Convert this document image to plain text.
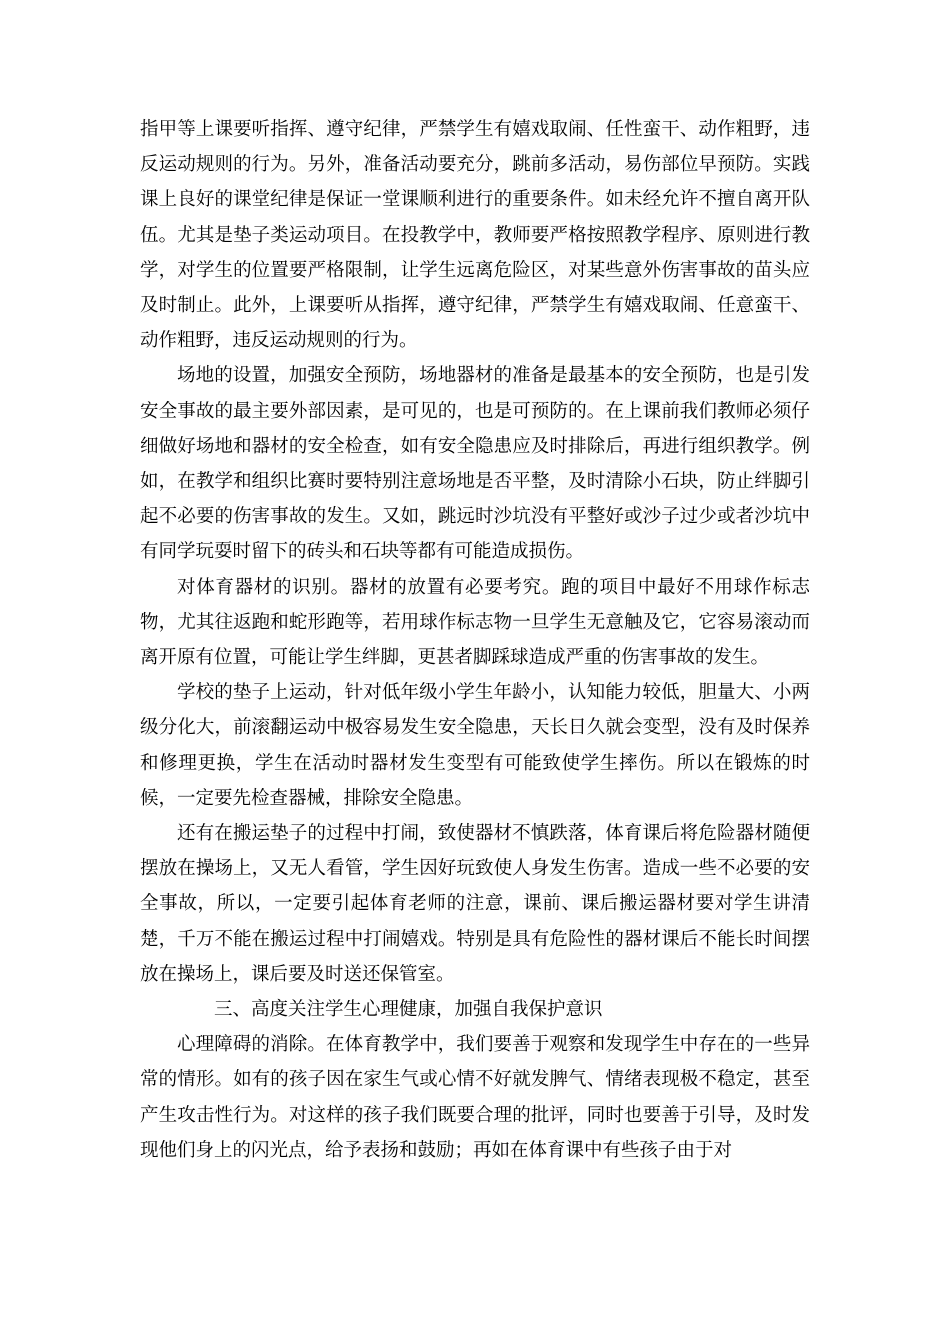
指甲等上课要听指挥、遵守纪律，严禁学生有嬉戏取闹、任性蛮干、动作粗野，违反运动规则的行为。另外，准备活动要充分，跳前多活动，易伤部位早预防。实践课上良好的课堂纪律是保证一堂课顺利进行的重要条件。如未经允许不擅自离开队伍。尤其是垫子类运动项目。在投教学中，教师要严格按照教学程序、原则进行教学，对学生的位置要严格限制，让学生远离危险区，对某些意外伤害事故的苗头应及时制止。此外，上课要听从指挥，遵守纪律，严禁学生有嬉戏取闹、任意蛮干、动作粗野，违反运动规则的行为。

场地的设置，加强安全预防，场地器材的准备是最基本的安全预防，也是引发安全事故的最主要外部因素，是可见的，也是可预防的。在上课前我们教师必须仔细做好场地和器材的安全检查，如有安全隐患应及时排除后，再进行组织教学。例如，在教学和组织比赛时要特别注意场地是否平整，及时清除小石块，防止绊脚引起不必要的伤害事故的发生。又如，跳远时沙坑没有平整好或沙子过少或者沙坑中有同学玩耍时留下的砖头和石块等都有可能造成损伤。

对体育器材的识别。器材的放置有必要考究。跑的项目中最好不用球作标志物，尤其往返跑和蛇形跑等，若用球作标志物一旦学生无意触及它，它容易滚动而离开原有位置，可能让学生绊脚，更甚者脚踩球造成严重的伤害事故的发生。

学校的垫子上运动，针对低年级小学生年龄小，认知能力较低，胆量大、小两级分化大，前滚翻运动中极容易发生安全隐患，天长日久就会变型，没有及时保养和修理更换，学生在活动时器材发生变型有可能致使学生摔伤。所以在锻炼的时候，一定要先检查器械，排除安全隐患。

还有在搬运垫子的过程中打闹，致使器材不慎跌落，体育课后将危险器材随便摆放在操场上，又无人看管，学生因好玩致使人身发生伤害。造成一些不必要的安全事故，所以，一定要引起体育老师的注意，课前、课后搬运器材要对学生讲清楚，千万不能在搬运过程中打闹嬉戏。特别是具有危险性的器材课后不能长时间摆放在操场上，课后要及时送还保管室。

三、高度关注学生心理健康，加强自我保护意识

心理障碍的消除。在体育教学中，我们要善于观察和发现学生中存在的一些异常的情形。如有的孩子因在家生气或心情不好就发脾气、情绪表现极不稳定，甚至产生攻击性行为。对这样的孩子我们既要合理的批评，同时也要善于引导，及时发现他们身上的闪光点，给予表扬和鼓励；再如在体育课中有些孩子由于对
